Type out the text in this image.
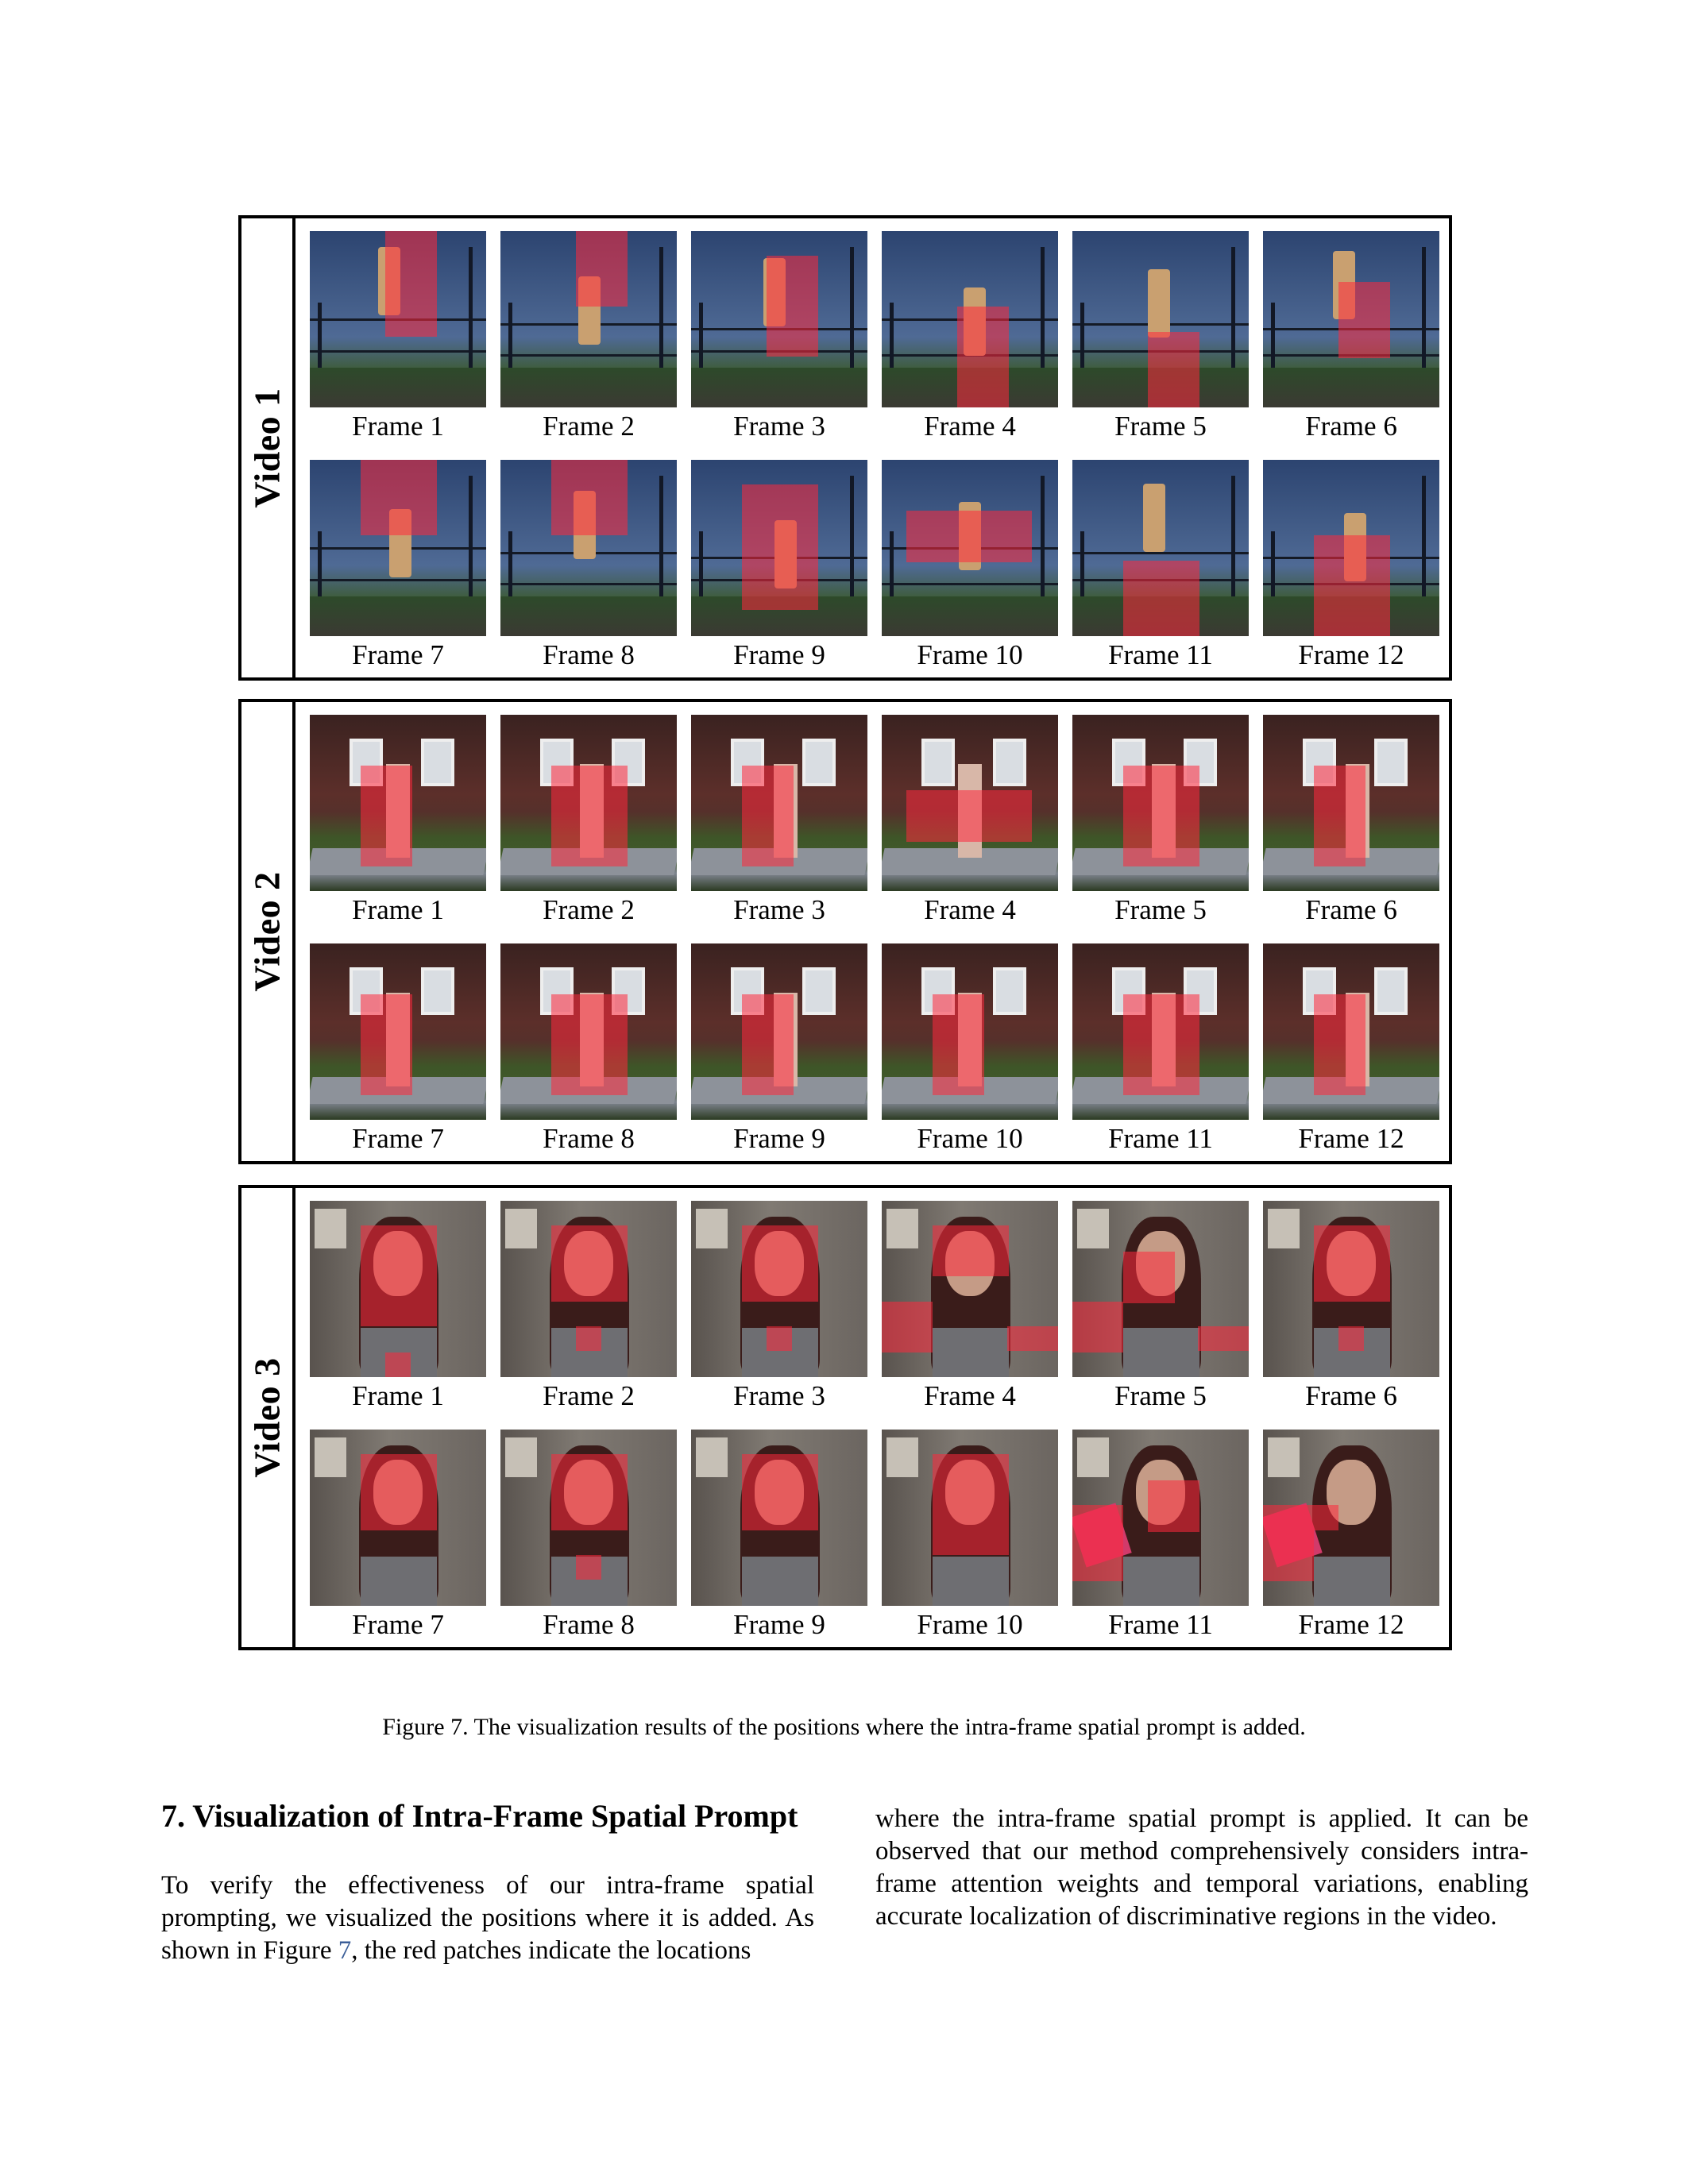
Video 1	Frame 1	Frame 2	Frame 3	Frame 4	Frame 5	Frame 6
Frame 7	Frame 8	Frame 9	Frame 10	Frame 11	Frame 12
Video 2	Frame 1	Frame 2	Frame 3	Frame 4	Frame 5	Frame 6
Frame 7	Frame 8	Frame 9	Frame 10	Frame 11	Frame 12
Video 3	Frame 1	Frame 2	Frame 3	Frame 4	Frame 5	Frame 6
Frame 7	Frame 8	Frame 9	Frame 10	Frame 11	Frame 12
Figure 7. The visualization results of the positions where the intra-frame spatial prompt is added.
7. Visualization of Intra-Frame Spatial Prompt
To verify the effectiveness of our intra-frame spatial prompting, we visualized the positions where it is added. As shown in Figure 7, the red patches indicate the locations
where the intra-frame spatial prompt is applied. It can be observed that our method comprehensively considers intra-frame attention weights and temporal variations, enabling accurate localization of discriminative regions in the video.
